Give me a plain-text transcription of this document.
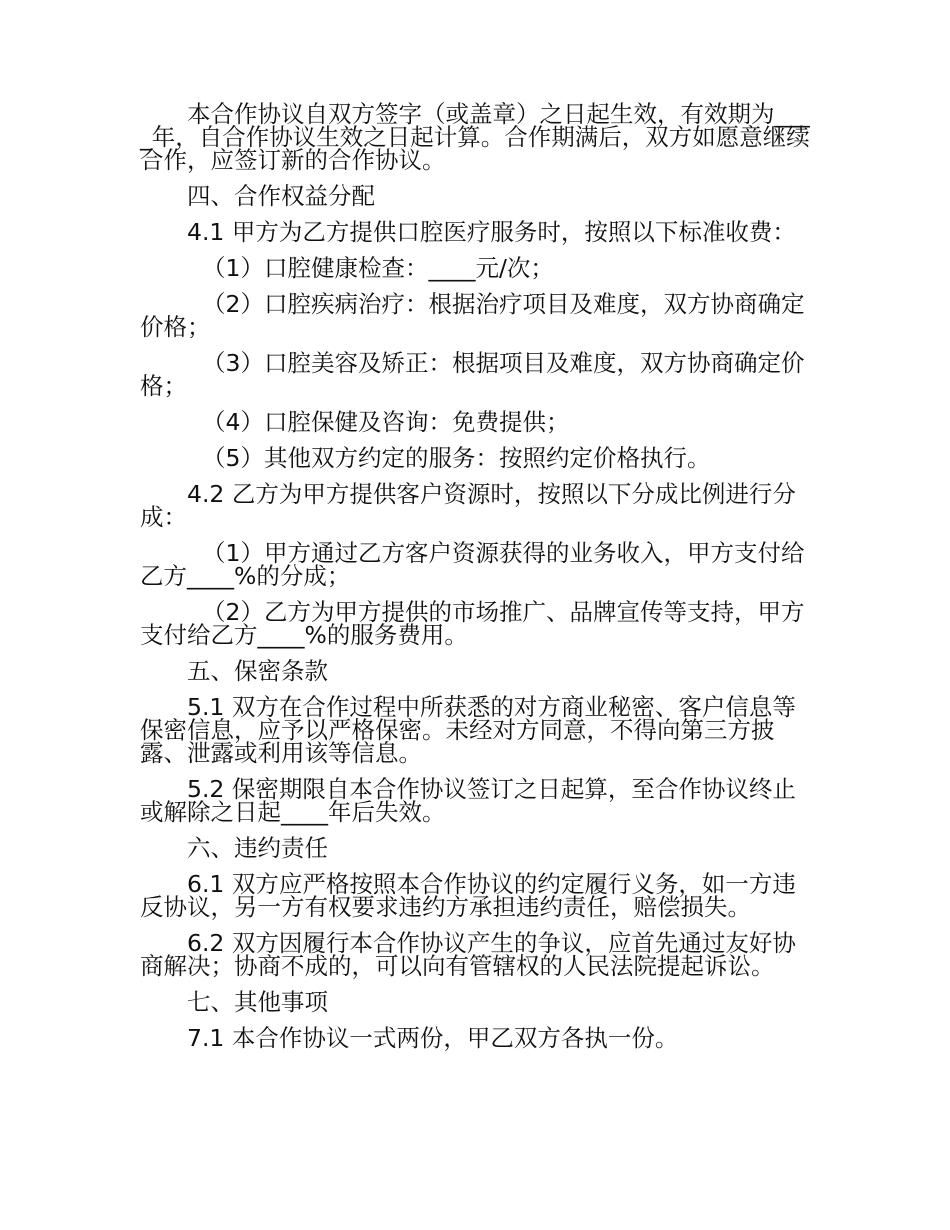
本合作协议自双方签字（或盖章）之日起生效，有效期为____年，自合作协议生效之日起计算。合作期满后，双方如愿意继续合作，应签订新的合作协议。

四、合作权益分配

4.1 甲方为乙方提供口腔医疗服务时，按照以下标准收费：

（1）口腔健康检查：____元/次；

（2）口腔疾病治疗：根据治疗项目及难度，双方协商确定价格；

（3）口腔美容及矫正：根据项目及难度，双方协商确定价格；

（4）口腔保健及咨询：免费提供；

（5）其他双方约定的服务：按照约定价格执行。

4.2 乙方为甲方提供客户资源时，按照以下分成比例进行分成：

（1）甲方通过乙方客户资源获得的业务收入，甲方支付给乙方____%的分成；

（2）乙方为甲方提供的市场推广、品牌宣传等支持，甲方支付给乙方____%的服务费用。

五、保密条款

5.1 双方在合作过程中所获悉的对方商业秘密、客户信息等保密信息，应予以严格保密。未经对方同意，不得向第三方披露、泄露或利用该等信息。

5.2 保密期限自本合作协议签订之日起算，至合作协议终止或解除之日起____年后失效。

六、违约责任

6.1 双方应严格按照本合作协议的约定履行义务，如一方违反协议，另一方有权要求违约方承担违约责任，赔偿损失。

6.2 双方因履行本合作协议产生的争议，应首先通过友好协商解决；协商不成的，可以向有管辖权的人民法院提起诉讼。

七、其他事项

7.1 本合作协议一式两份，甲乙双方各执一份。
